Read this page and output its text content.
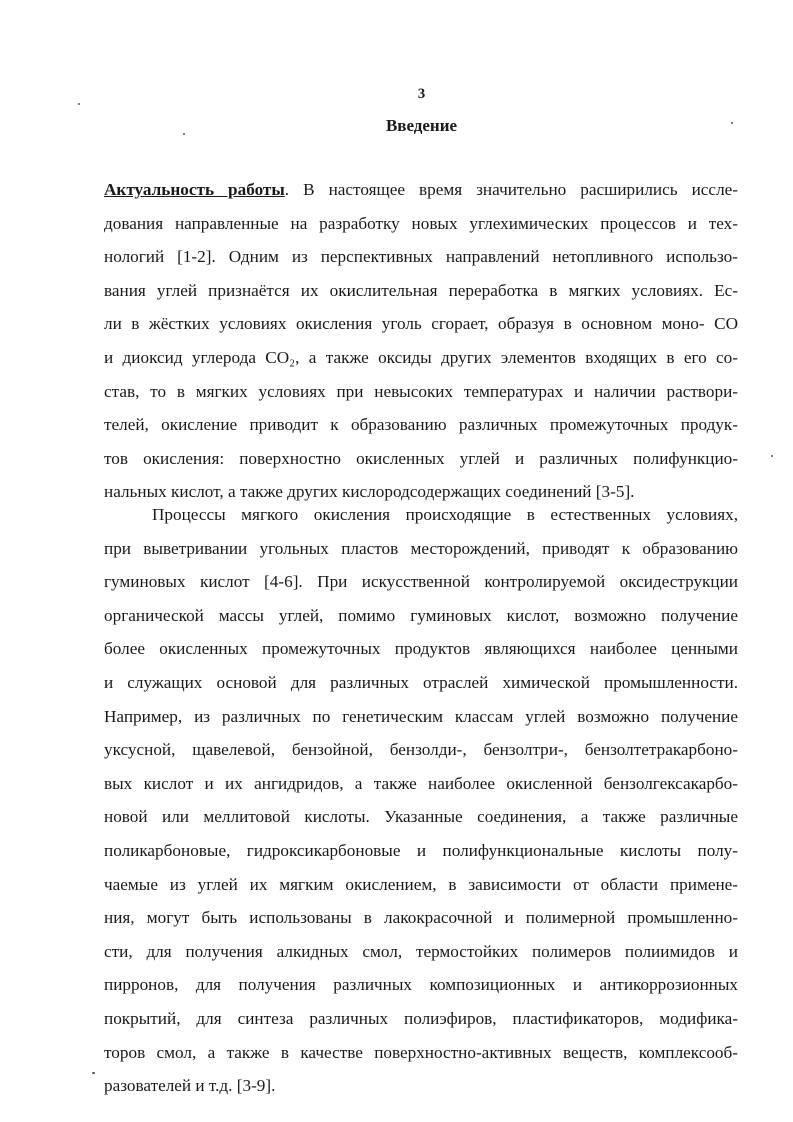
3
Введение
Актуальность работы. В настоящее время значительно расширились иссле-
дования направленные на разработку новых углехимических процессов и тех-
нологий [1-2]. Одним из перспективных направлений нетопливного использо-
вания углей признаётся их окислительная переработка в мягких условиях. Ес-
ли в жёстких условиях окисления уголь сгорает, образуя в основном моно- CO
и диоксид углерода CO₂, а также оксиды других элементов входящих в его со-
став, то в мягких условиях при невысоких температурах и наличии раствори-
телей, окисление приводит к образованию различных промежуточных продук-
тов окисления: поверхностно окисленных углей и различных полифункцио-
нальных кислот, а также других кислородсодержащих соединений [3-5].
Процессы мягкого окисления происходящие в естественных условиях,
при выветривании угольных пластов месторождений, приводят к образованию
гуминовых кислот [4-6]. При искусственной контролируемой оксидеструкции
органической массы углей, помимо гуминовых кислот, возможно получение
более окисленных промежуточных продуктов являющихся наиболее ценными
и служащих основой для различных отраслей химической промышленности.
Например, из различных по генетическим классам углей возможно получение
уксусной, щавелевой, бензойной, бензолди-, бензолтри-, бензолтетракарбоно-
вых кислот и их ангидридов, а также наиболее окисленной бензолгексакарбо-
новой или меллитовой кислоты. Указанные соединения, а также различные
поликарбоновые, гидроксикарбоновые и полифункциональные кислоты полу-
чаемые из углей их мягким окислением, в зависимости от области примене-
ния, могут быть использованы в лакокрасочной и полимерной промышленно-
сти, для получения алкидных смол, термостойких полимеров полиимидов и
пирронов, для получения различных композиционных и антикоррозионных
покрытий, для синтеза различных полиэфиров, пластификаторов, модифика-
торов смол, а также в качестве поверхностно-активных веществ, комплексооб-
разователей и т.д. [3-9].
